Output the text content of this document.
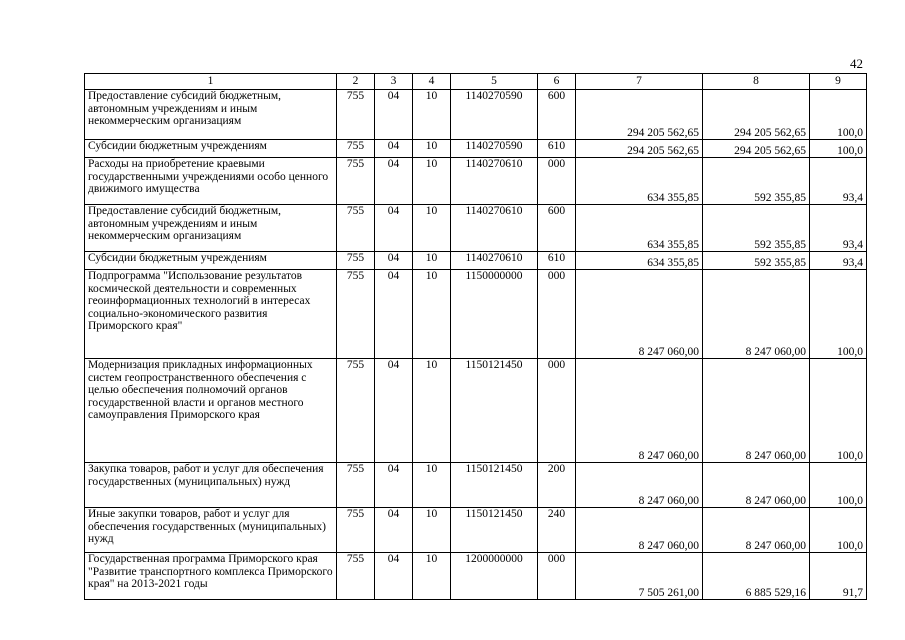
42
1	2	3	4	5	6	7	8	9
Предоставление субсидий бюджетным, автономным учреждениям и иным некоммерческим организациям	755	04	10	1140270590	600	294 205 562,65	294 205 562,65	100,0
Субсидии бюджетным учреждениям	755	04	10	1140270590	610	294 205 562,65	294 205 562,65	100,0
Расходы на приобретение краевыми государственными учреждениями особо ценного движимого имущества	755	04	10	1140270610	000	634 355,85	592 355,85	93,4
Предоставление субсидий бюджетным, автономным учреждениям и иным некоммерческим организациям	755	04	10	1140270610	600	634 355,85	592 355,85	93,4
Субсидии бюджетным учреждениям	755	04	10	1140270610	610	634 355,85	592 355,85	93,4
Подпрограмма "Использование результатов космической деятельности и современных геоинформационных технологий в интересах социально-экономического развития Приморского края"	755	04	10	1150000000	000	8 247 060,00	8 247 060,00	100,0
Модернизация прикладных информационных систем геопространственного обеспечения с целью обеспечения полномочий органов государственной власти и органов местного самоуправления Приморского края	755	04	10	1150121450	000	8 247 060,00	8 247 060,00	100,0
Закупка товаров, работ и услуг для обеспечения государственных (муниципальных) нужд	755	04	10	1150121450	200	8 247 060,00	8 247 060,00	100,0
Иные закупки товаров, работ и услуг для обеспечения государственных (муниципальных) нужд	755	04	10	1150121450	240	8 247 060,00	8 247 060,00	100,0
Государственная программа Приморского края "Развитие транспортного комплекса Приморского края" на 2013-2021 годы	755	04	10	1200000000	000	7 505 261,00	6 885 529,16	91,7
